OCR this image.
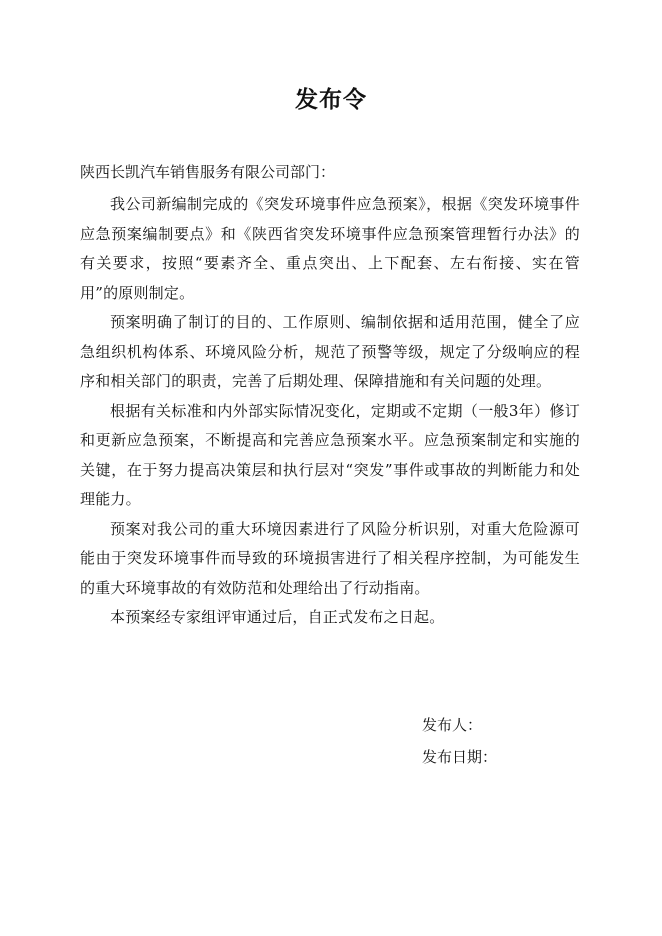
发布令

陕西长凯汽车销售服务有限公司部门：

我公司新编制完成的《突发环境事件应急预案》，根据《突发环境事件应急预案编制要点》和《陕西省突发环境事件应急预案管理暂行办法》的有关要求，按照“要素齐全、重点突出、上下配套、左右衔接、实在管用”的原则制定。

预案明确了制订的目的、工作原则、编制依据和适用范围，健全了应急组织机构体系、环境风险分析，规范了预警等级，规定了分级响应的程序和相关部门的职责，完善了后期处理、保障措施和有关问题的处理。

根据有关标准和内外部实际情况变化，定期或不定期（一般3年）修订和更新应急预案，不断提高和完善应急预案水平。应急预案制定和实施的关键，在于努力提高决策层和执行层对“突发”事件或事故的判断能力和处理能力。

预案对我公司的重大环境因素进行了风险分析识别，对重大危险源可能由于突发环境事件而导致的环境损害进行了相关程序控制，为可能发生的重大环境事故的有效防范和处理给出了行动指南。

本预案经专家组评审通过后，自正式发布之日起。

发布人：

发布日期：
